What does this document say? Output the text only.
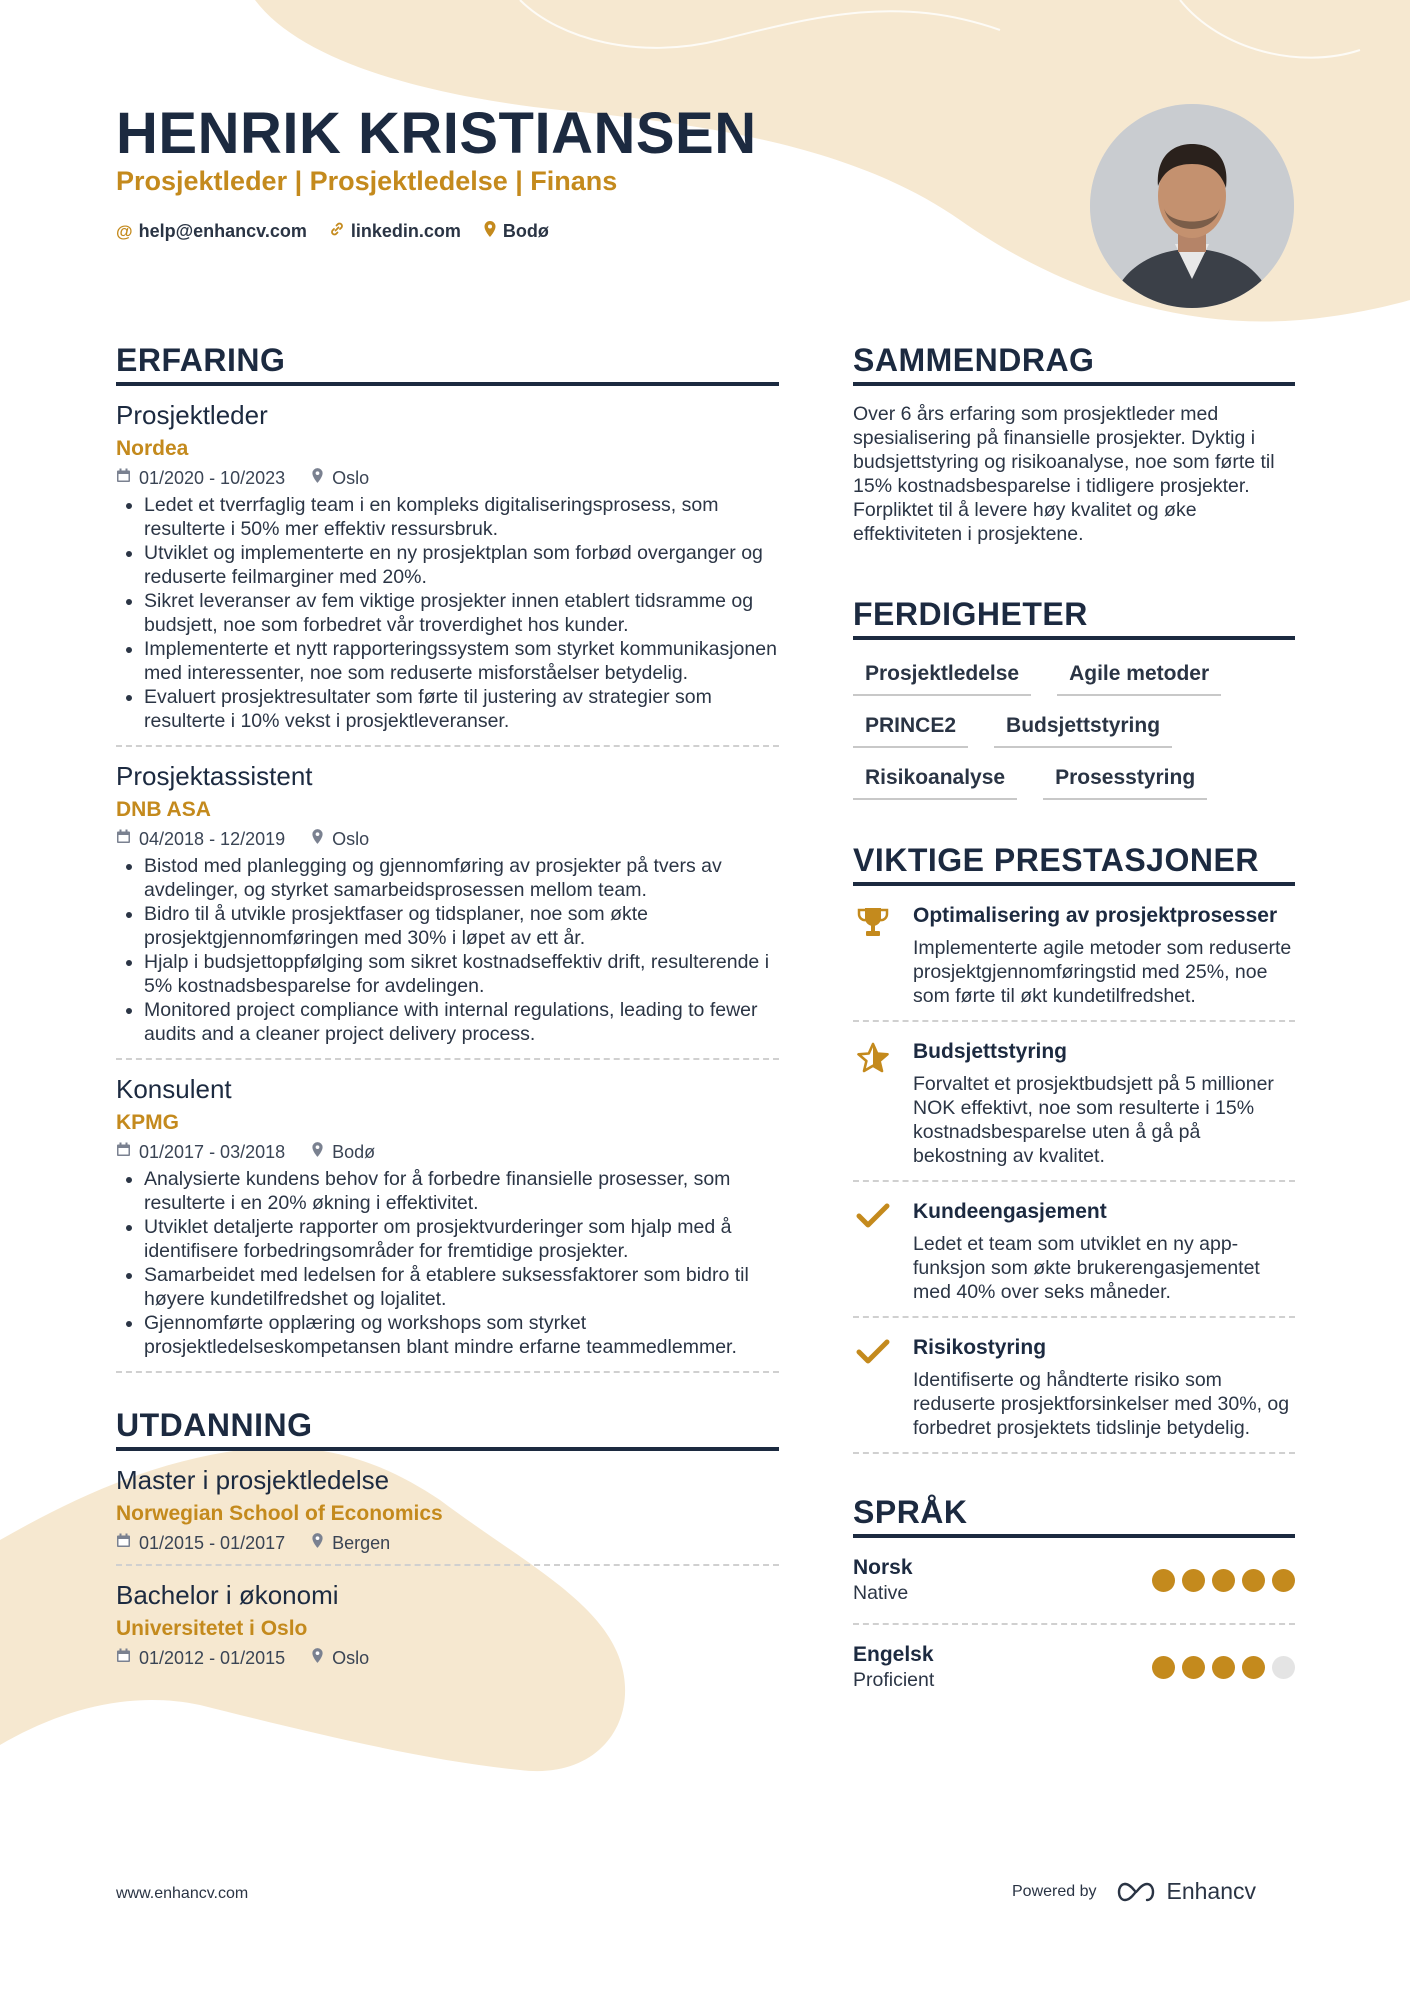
HENRIK KRISTIANSEN
Prosjektleder | Prosjektledelse | Finans
@ help@enhancv.com linkedin.com Bodø
ERFARING
Prosjektleder
Nordea
01/2020 - 10/2023	Oslo
• Ledet et tverrfaglig team i en kompleks digitaliseringsprosess, som resulterte i 50% mer effektiv ressursbruk.
• Utviklet og implementerte en ny prosjektplan som forbød overganger og reduserte feilmarginer med 20%.
• Sikret leveranser av fem viktige prosjekter innen etablert tidsramme og budsjett, noe som forbedret vår troverdighet hos kunder.
• Implementerte et nytt rapporteringssystem som styrket kommunikasjonen med interessenter, noe som reduserte misforståelser betydelig.
• Evaluert prosjektresultater som førte til justering av strategier som resulterte i 10% vekst i prosjektleveranser.
Prosjektassistent
DNB ASA
04/2018 - 12/2019	Oslo
• Bistod med planlegging og gjennomføring av prosjekter på tvers av avdelinger, og styrket samarbeidsprosessen mellom team.
• Bidro til å utvikle prosjektfaser og tidsplaner, noe som økte prosjektgjennomføringen med 30% i løpet av ett år.
• Hjalp i budsjettoppfølging som sikret kostnadseffektiv drift, resulterende i 5% kostnadsbesparelse for avdelingen.
• Monitored project compliance with internal regulations, leading to fewer audits and a cleaner project delivery process.
Konsulent
KPMG
01/2017 - 03/2018	Bodø
• Analysierte kundens behov for å forbedre finansielle prosesser, som resulterte i en 20% økning i effektivitet.
• Utviklet detaljerte rapporter om prosjektvurderinger som hjalp med å identifisere forbedringsområder for fremtidige prosjekter.
• Samarbeidet med ledelsen for å etablere suksessfaktorer som bidro til høyere kundetilfredshet og lojalitet.
• Gjennomførte opplæring og workshops som styrket prosjektledelseskompetansen blant mindre erfarne teammedlemmer.
UTDANNING
Master i prosjektledelse
Norwegian School of Economics
01/2015 - 01/2017	Bergen
Bachelor i økonomi
Universitetet i Oslo
01/2012 - 01/2015	Oslo
SAMMENDRAG
Over 6 års erfaring som prosjektleder med spesialisering på finansielle prosjekter. Dyktig i budsjettstyring og risikoanalyse, noe som førte til 15% kostnadsbesparelse i tidligere prosjekter. Forpliktet til å levere høy kvalitet og øke effektiviteten i prosjektene.
FERDIGHETER
Prosjektledelse	Agile metoder
PRINCE2	Budsjettstyring
Risikoanalyse	Prosesstyring
VIKTIGE PRESTASJONER
Optimalisering av prosjektprosesser
Implementerte agile metoder som reduserte prosjektgjennomføringstid med 25%, noe som førte til økt kundetilfredshet.
Budsjettstyring
Forvaltet et prosjektbudsjett på 5 millioner NOK effektivt, noe som resulterte i 15% kostnadsbesparelse uten å gå på bekostning av kvalitet.
Kundeengasjement
Ledet et team som utviklet en ny app-funksjon som økte brukerengasjementet med 40% over seks måneder.
Risikostyring
Identifiserte og håndterte risiko som reduserte prosjektforsinkelser med 30%, og forbedret prosjektets tidslinje betydelig.
SPRÅK
Norsk
Native
Engelsk
Proficient
www.enhancv.com	Powered by	Enhancv
